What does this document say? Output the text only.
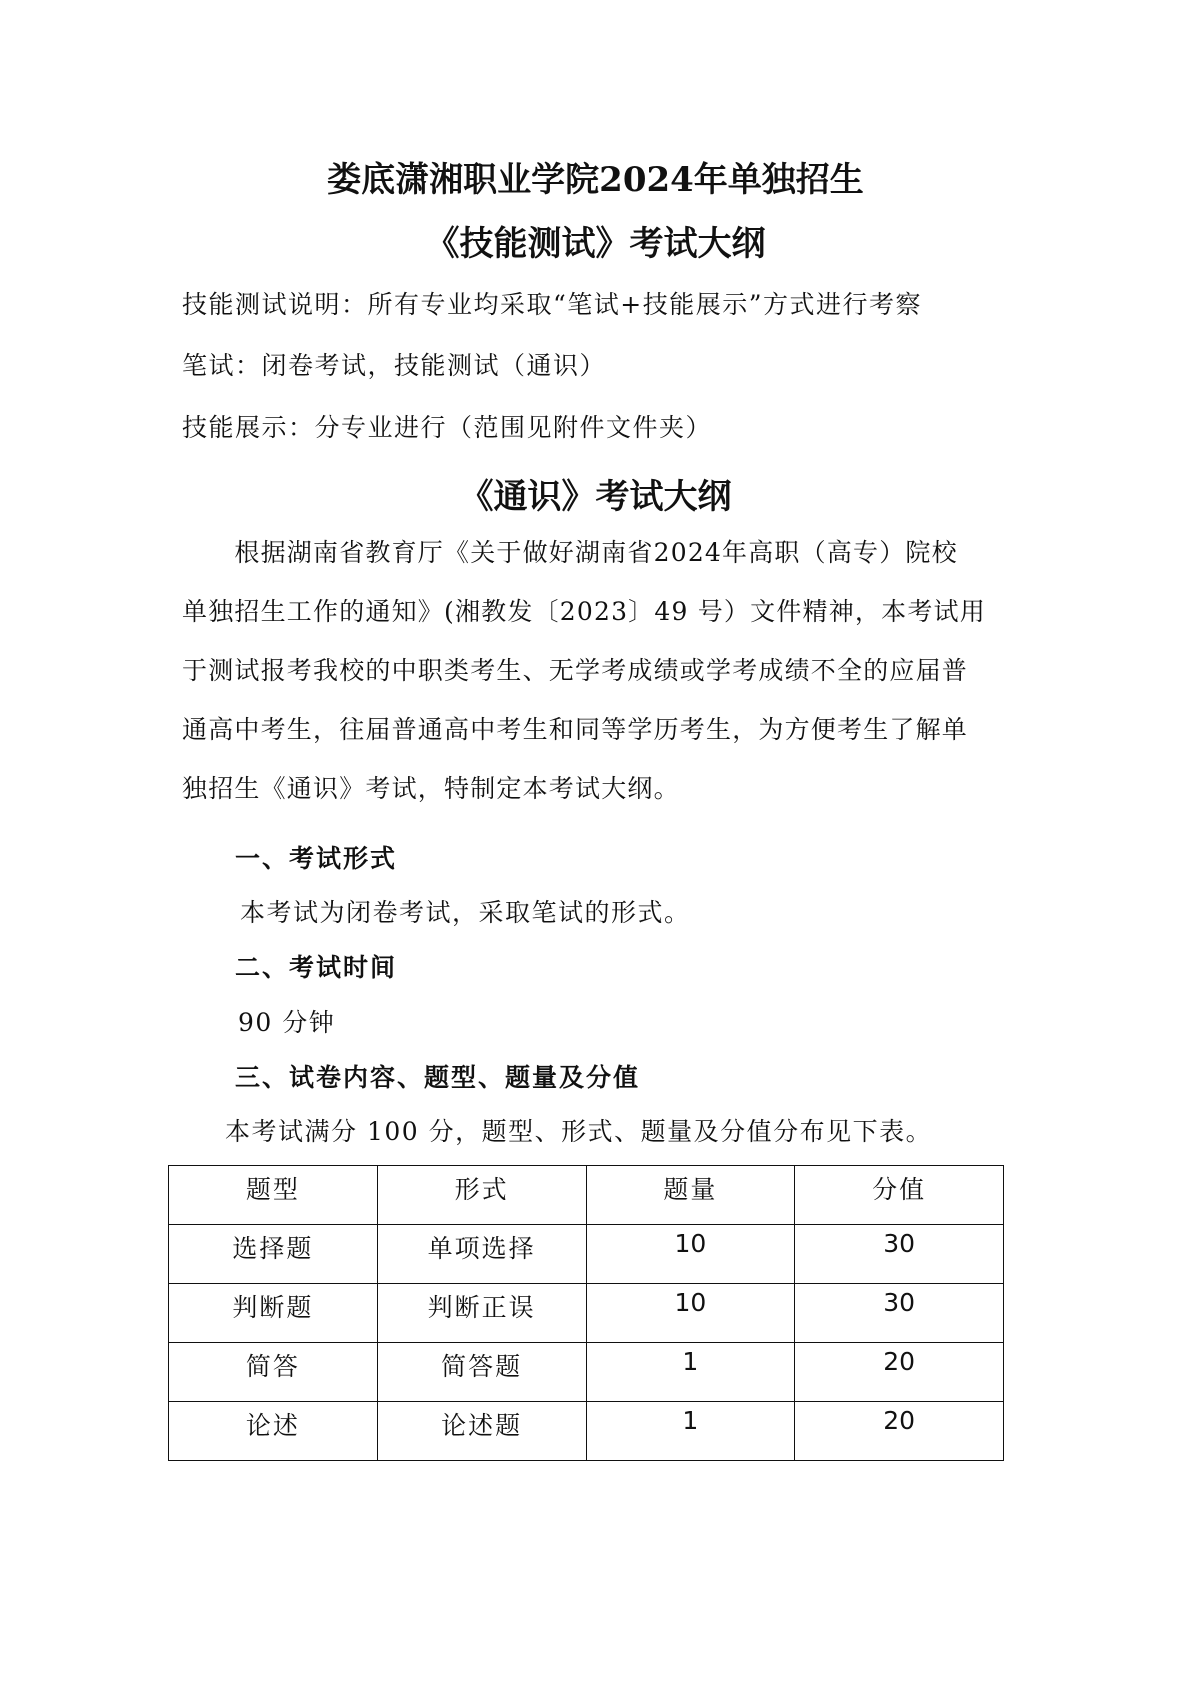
娄底潇湘职业学院2024年单独招生
《技能测试》考试大纲
技能测试说明：所有专业均采取“笔试+技能展示”方式进行考察
笔试：闭卷考试，技能测试（通识）
技能展示：分专业进行（范围见附件文件夹）
《通识》考试大纲
　　根据湖南省教育厅《关于做好湖南省2024年高职（高专）院校
单独招生工作的通知》(湘教发〔2023〕49 号）文件精神，本考试用
于测试报考我校的中职类考生、无学考成绩或学考成绩不全的应届普
通高中考生，往届普通高中考生和同等学历考生，为方便考生了解单
独招生《通识》考试，特制定本考试大纲。
一、考试形式
本考试为闭卷考试，采取笔试的形式。
二、考试时间
90 分钟
三、试卷内容、题型、题量及分值
本考试满分 100 分，题型、形式、题量及分值分布见下表。
题型	形式	题量	分值
选择题	单项选择	10	30
判断题	判断正误	10	30
简答	简答题	1	20
论述	论述题	1	20
